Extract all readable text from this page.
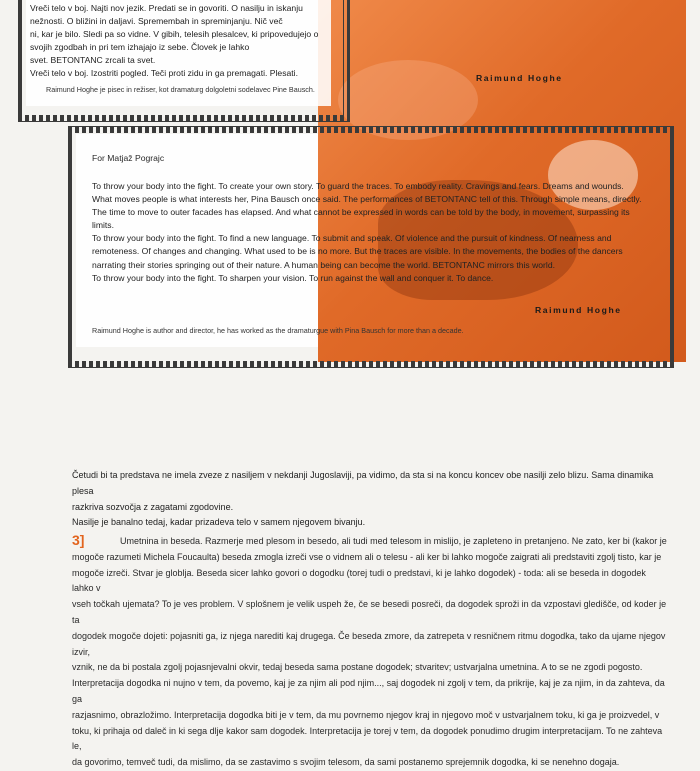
Vreči telo v boj. Najti nov jezik. Predati se in govoriti. O nasilju in iskanju nežnosti. O bližini in daljavi. Spremembah in spreminjanju. Nič več
ni, kar je bilo. Sledi pa so vidne. V gibih, telesih plesalcev, ki pripovedujejo o svojih zgodbah in pri tem izhajajo iz sebe. Človek je lahko
svet. BETONTANC zrcali ta svet.
Vreči telo v boj. Izostriti pogled. Teči proti zidu in ga premagati. Plesati.	Raimund Hoghe
Raimund Hoghe je pisec in režiser, kot dramaturg dolgoletni sodelavec Pine Bausch.
For Matjaž Pograjc
To throw your body into the fight. To create your own story. To guard the traces. To embody reality. Cravings and fears. Dreams and wounds.
What moves people is what interests her, Pina Bausch once said. The performances of BETONTANC tell of this. Through simple means, directly.
The time to move to outer facades has elapsed. And what cannot be expressed in words can be told by the body, in movement, surpassing its
limits.
To throw your body into the fight. To find a new language. To submit and speak. Of violence and the pursuit of kindness. Of nearness and
remoteness. Of changes and changing. What used to be is no more. But the traces are visible. In the movements, the bodies of the dancers
narrating their stories springing out of their nature. A human being can become the world. BETONTANC mirrors this world.
To throw your body into the fight. To sharpen your vision. To run against the wall and conquer it. To dance.
Raimund Hoghe
Raimund Hoghe is author and director, he has worked as the dramaturgue with Pina Bausch for more than a decade.
Četudi bi ta predstava ne imela zveze z nasiljem v nekdanji Jugoslaviji, pa vidimo, da sta si na koncu koncev obe nasilji zelo blizu. Sama dinamika plesa
razkriva sozvočja z zagatami zgodovine.
Nasilje je banalno tedaj, kadar prizadeva telo v samem njegovem bivanju.
3]	Umetnina in beseda. Razmerje med plesom in besedo, ali tudi med telesom in mislijo, je zapleteno in pretanjeno. Ne zato, ker bi (kakor je
mogoče razumeti Michela Foucaulta) beseda zmogla izreči vse o vidnem ali o telesu - ali ker bi lahko mogoče zaigrati ali predstaviti zgolj tisto, kar je
mogoče izreči. Stvar je globlja. Beseda sicer lahko govori o dogodku (torej tudi o predstavi, ki je lahko dogodek) - toda: ali se beseda in dogodek lahko v
vseh točkah ujemata? To je ves problem. V splošnem je velik uspeh že, če se besedi posreči, da dogodek sproži in da vzpostavi gledišče, od koder je ta
dogodek mogoče dojeti: pojasniti ga, iz njega narediti kaj drugega. Če beseda zmore, da zatrepeta v resničnem ritmu dogodka, tako da ujame njegov izvir,
vznik, ne da bi postala zgolj pojasnjevalni okvir, tedaj beseda sama postane dogodek; stvaritev; ustvarjalna umetnina. A to se ne zgodi pogosto.
Interpretacija dogodka ni nujno v tem, da povemo, kaj je za njim ali pod njim..., saj dogodek ni zgolj v tem, da prikrije, kaj je za njim, in da zahteva, da ga
razjasnimo, obrazložimo. Interpretacija dogodka biti je v tem, da mu povrnemo njegov kraj in njegovo moč v ustvarjalnem toku, ki ga je proizvedel, v
toku, ki prihaja od daleč in ki sega dlje kakor sam dogodek. Interpretacija je torej v tem, da dogodek ponudimo drugim interpretacijam. To ne zahteva le,
da govorimo, temveč tudi, da mislimo, da se zastavimo s svojim telesom, da sami postanemo sprejemnik dogodka, ki se nenehno dogaja.
